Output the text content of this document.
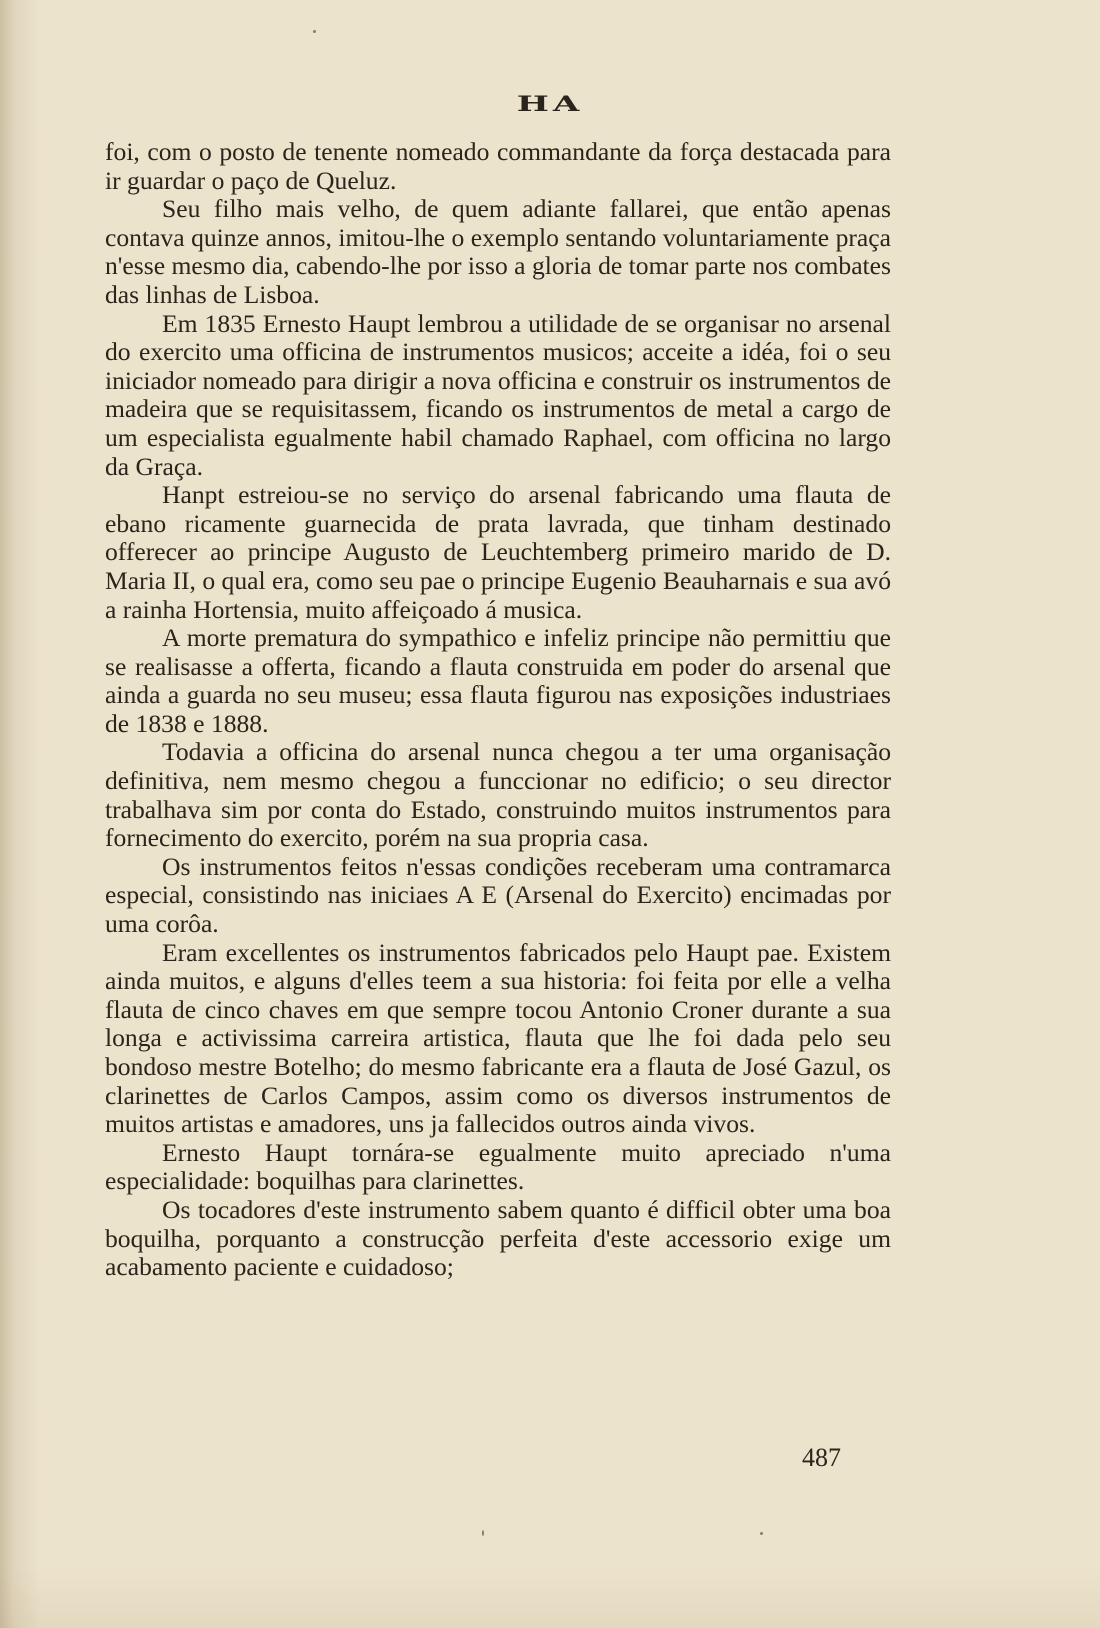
HA

foi, com o posto de tenente nomeado commandante da força destacada para ir guardar o paço de Queluz.

Seu filho mais velho, de quem adiante fallarei, que então apenas contava quinze annos, imitou-lhe o exemplo sentando voluntariamente praça n'esse mesmo dia, cabendo-lhe por isso a gloria de tomar parte nos combates das linhas de Lisboa.

Em 1835 Ernesto Haupt lembrou a utilidade de se organisar no arsenal do exercito uma officina de instrumentos musicos; acceite a idéa, foi o seu iniciador nomeado para dirigir a nova officina e construir os instrumentos de madeira que se requisitassem, ficando os instrumentos de metal a cargo de um especialista egualmente habil chamado Raphael, com officina no largo da Graça.

Hanpt estreiou-se no serviço do arsenal fabricando uma flauta de ebano ricamente guarnecida de prata lavrada, que tinham destinado offerecer ao principe Augusto de Leuchtemberg primeiro marido de D. Maria II, o qual era, como seu pae o principe Eugenio Beauharnais e sua avó a rainha Hortensia, muito affeiçoado á musica.

A morte prematura do sympathico e infeliz principe não permittiu que se realisasse a offerta, ficando a flauta construida em poder do arsenal que ainda a guarda no seu museu; essa flauta figurou nas exposições industriaes de 1838 e 1888.

Todavia a officina do arsenal nunca chegou a ter uma organisação definitiva, nem mesmo chegou a funccionar no edificio; o seu director trabalhava sim por conta do Estado, construindo muitos instrumentos para fornecimento do exercito, porém na sua propria casa.

Os instrumentos feitos n'essas condições receberam uma contramarca especial, consistindo nas iniciaes A E (Arsenal do Exercito) encimadas por uma corôa.

Eram excellentes os instrumentos fabricados pelo Haupt pae. Existem ainda muitos, e alguns d'elles teem a sua historia: foi feita por elle a velha flauta de cinco chaves em que sempre tocou Antonio Croner durante a sua longa e activissima carreira artistica, flauta que lhe foi dada pelo seu bondoso mestre Botelho; do mesmo fabricante era a flauta de José Gazul, os clarinettes de Carlos Campos, assim como os diversos instrumentos de muitos artistas e amadores, uns ja fallecidos outros ainda vivos.

Ernesto Haupt tornára-se egualmente muito apreciado n'uma especialidade: boquilhas para clarinettes.

Os tocadores d'este instrumento sabem quanto é difficil obter uma boa boquilha, porquanto a construcção perfeita d'este accessorio exige um acabamento paciente e cuidadoso;

487
